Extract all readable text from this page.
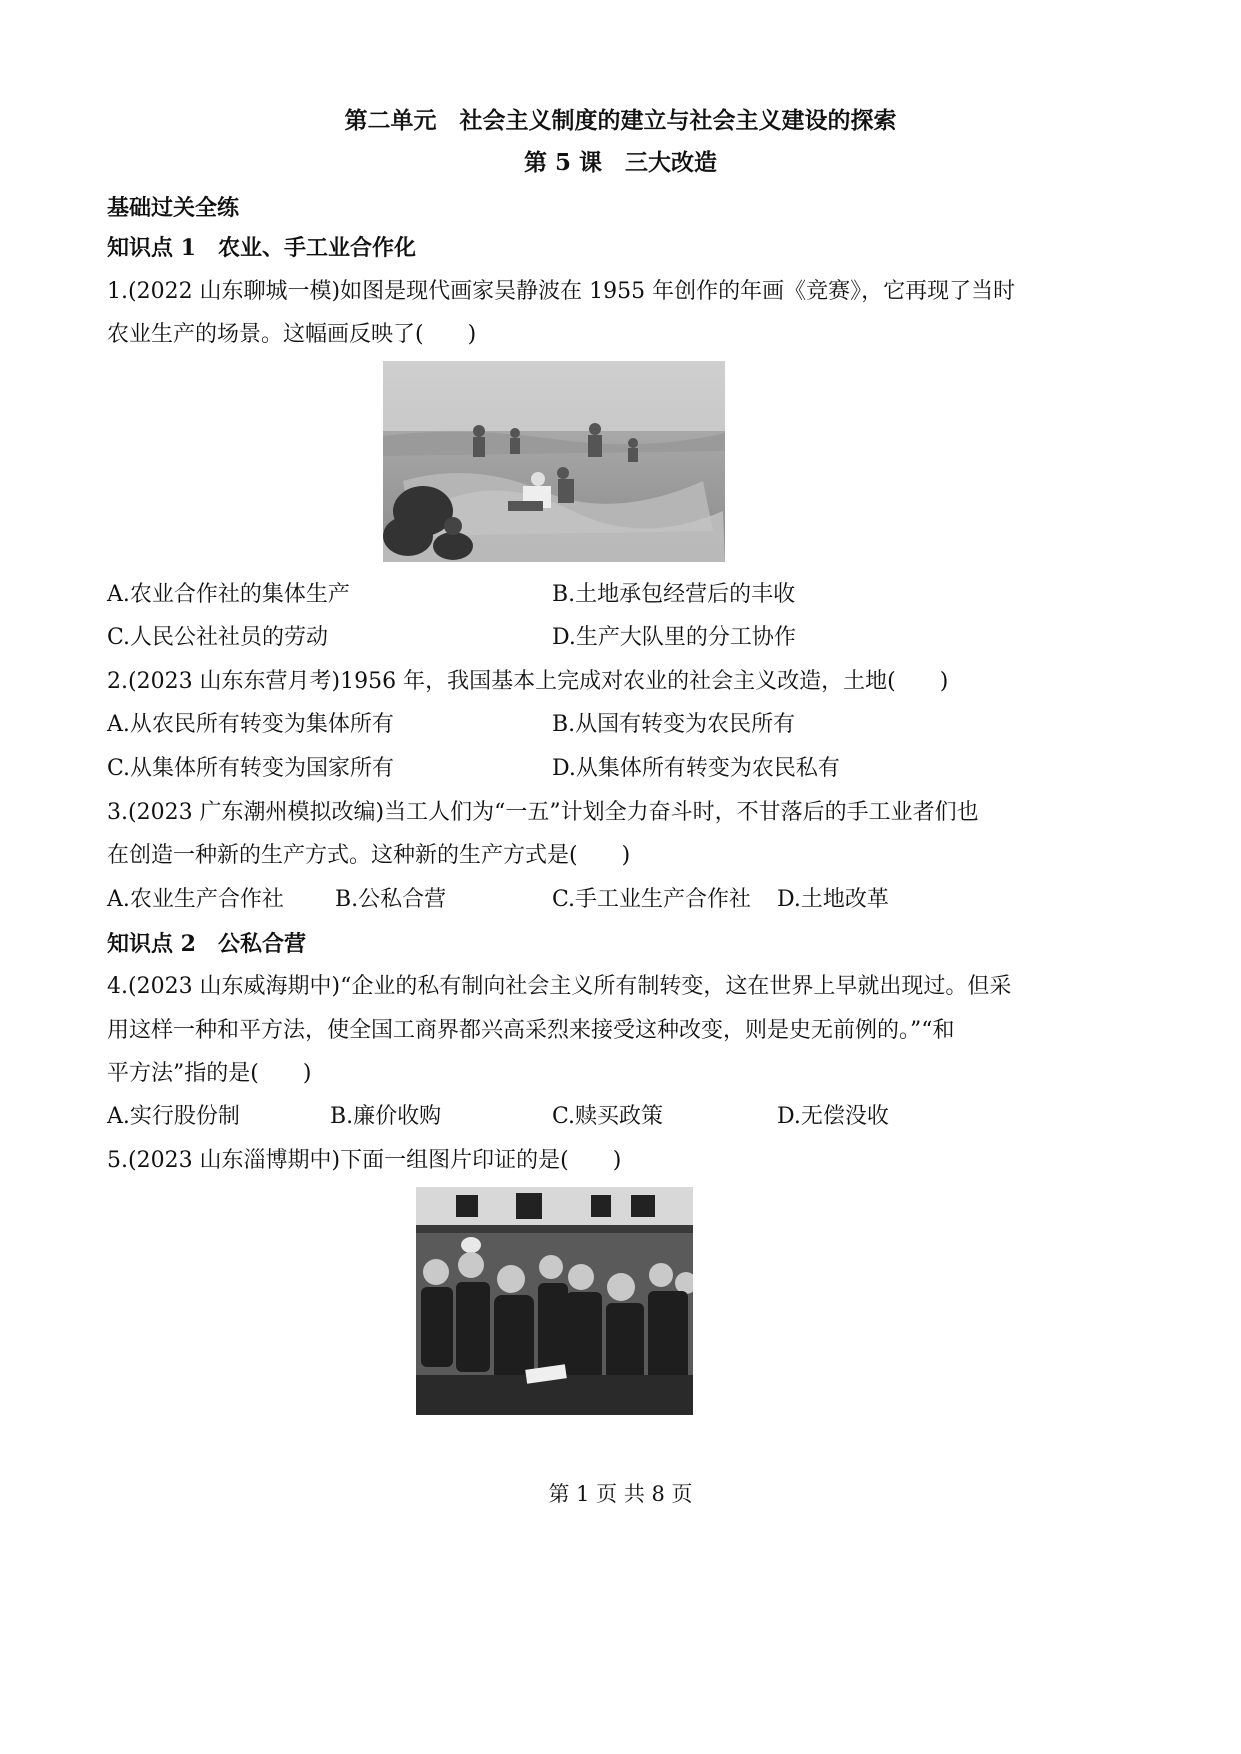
第二单元　社会主义制度的建立与社会主义建设的探索
第 5 课　三大改造
基础过关全练
知识点 1　农业、手工业合作化
1.(2022 山东聊城一模)如图是现代画家吴静波在 1955 年创作的年画《竞赛》，它再现了当时
农业生产的场景。这幅画反映了(　　)
A.农业合作社的集体生产	B.土地承包经营后的丰收
C.人民公社社员的劳动	D.生产大队里的分工协作
2.(2023 山东东营月考)1956 年，我国基本上完成对农业的社会主义改造，土地(　　)
A.从农民所有转变为集体所有	B.从国有转变为农民所有
C.从集体所有转变为国家所有	D.从集体所有转变为农民私有
3.(2023 广东潮州模拟改编)当工人们为“一五”计划全力奋斗时，不甘落后的手工业者们也
在创造一种新的生产方式。这种新的生产方式是(　　)
A.农业生产合作社 B.公私合营	C.手工业生产合作社 D.土地改革
知识点 2　公私合营
4.(2023 山东威海期中)“企业的私有制向社会主义所有制转变，这在世界上早就出现过。但采
用这样一种和平方法，使全国工商界都兴高采烈来接受这种改变，则是史无前例的。”“和
平方法”指的是(　　)
A.实行股份制	B.廉价收购	C.赎买政策	D.无偿没收
5.(2023 山东淄博期中)下面一组图片印证的是(　　)
第 1 页 共 8 页
